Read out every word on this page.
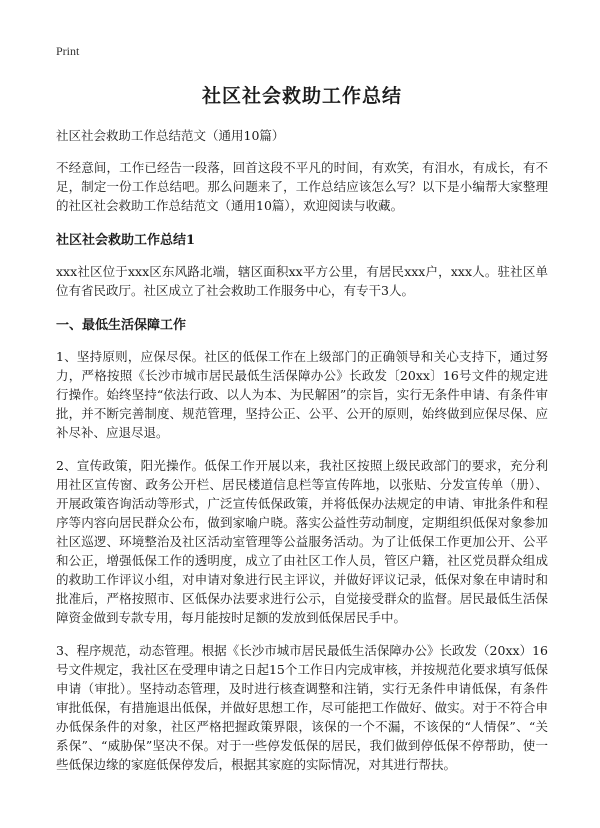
Print
社区社会救助工作总结
社区社会救助工作总结范文（通用10篇）

不经意间，工作已经告一段落，回首这段不平凡的时间，有欢笑，有泪水，有成长，有不足，制定一份工作总结吧。那么问题来了，工作总结应该怎么写？以下是小编帮大家整理的社区社会救助工作总结范文（通用10篇），欢迎阅读与收藏。

社区社会救助工作总结1

xxx社区位于xxx区东风路北端，辖区面积xx平方公里，有居民xxx户，xxx人。驻社区单位有省民政厅。社区成立了社会救助工作服务中心，有专干3人。

一、最低生活保障工作

1、坚持原则，应保尽保。社区的低保工作在上级部门的正确领导和关心支持下，通过努力，严格按照《长沙市城市居民最低生活保障办公》长政发〔20xx〕16号文件的规定进行操作。始终坚持“依法行政、以人为本、为民解困”的宗旨，实行无条件申请、有条件审批，并不断完善制度、规范管理，坚持公正、公平、公开的原则，始终做到应保尽保、应补尽补、应退尽退。

2、宣传政策，阳光操作。低保工作开展以来，我社区按照上级民政部门的要求，充分利用社区宣传窗、政务公开栏、居民楼道信息栏等宣传阵地，以张贴、分发宣传单（册）、开展政策咨询活动等形式，广泛宣传低保政策，并将低保办法规定的申请、审批条件和程序等内容向居民群众公布，做到家喻户晓。落实公益性劳动制度，定期组织低保对象参加社区巡逻、环境整治及社区活动室管理等公益服务活动。为了让低保工作更加公开、公平和公正，增强低保工作的透明度，成立了由社区工作人员，管区户籍，社区党员群众组成的救助工作评议小组，对申请对象进行民主评议，并做好评议记录，低保对象在申请时和批准后，严格按照市、区低保办法要求进行公示，自觉接受群众的监督。居民最低生活保障资金做到专款专用，每月能按时足额的发放到低保居民手中。

3、程序规范，动态管理。根据《长沙市城市居民最低生活保障办公》长政发（20xx）16号文件规定，我社区在受理申请之日起15个工作日内完成审核，并按规范化要求填写低保申请（审批）。坚持动态管理，及时进行核查调整和注销，实行无条件申请低保，有条件审批低保，有措施退出低保，并做好思想工作，尽可能把工作做好、做实。对于不符合申办低保条件的对象，社区严格把握政策界限，该保的一个不漏，不该保的“人情保”、“关系保”、“威胁保”坚决不保。对于一些停发低保的居民，我们做到停低保不停帮助，使一些低保边缘的家庭低保停发后，根据其家庭的实际情况，对其进行帮扶。
